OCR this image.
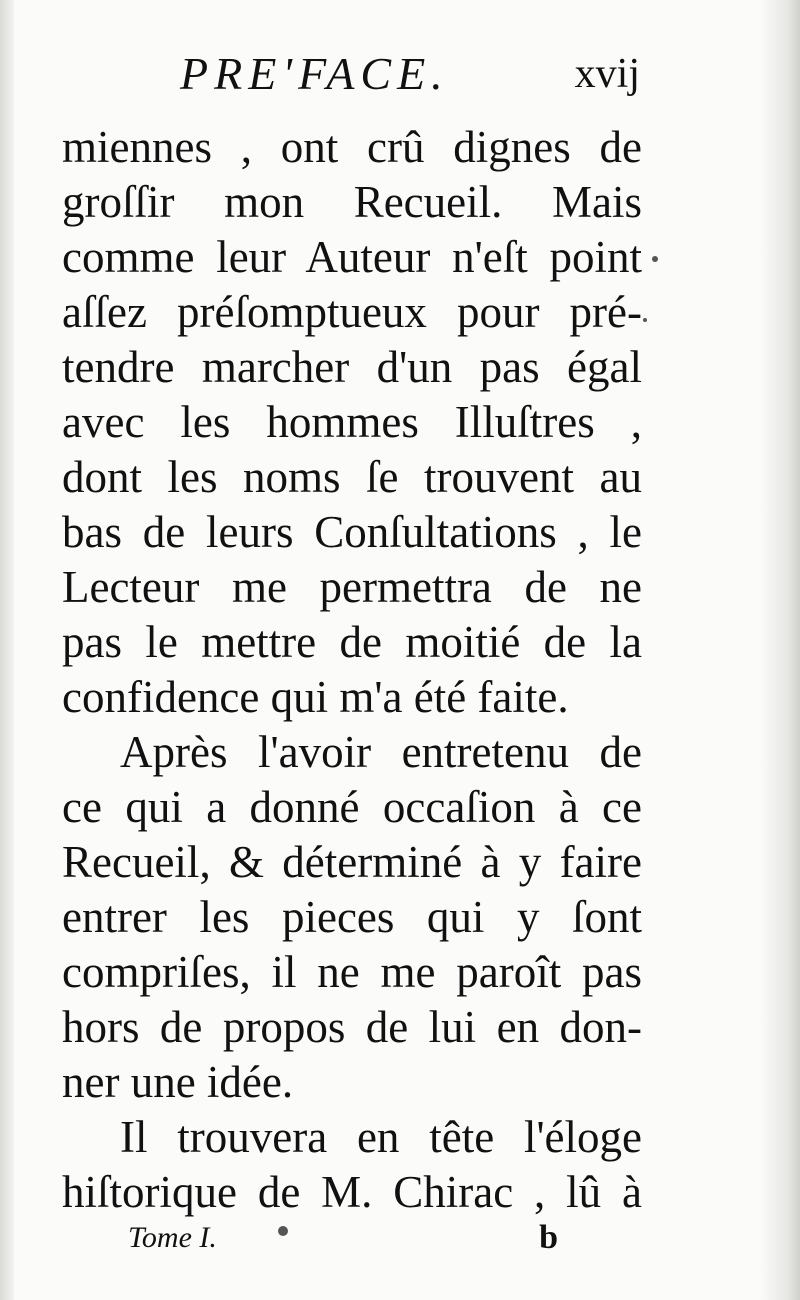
PRE'FACE.	xvij
miennes , ont crû dignes de
groſſir mon Recueil. Mais
comme leur Auteur n'eſt point
aſſez préſomptueux pour pré-
tendre marcher d'un pas égal
avec les hommes Illuſtres ,
dont les noms ſe trouvent au
bas de leurs Conſultations , le
Lecteur me permettra de ne
pas le mettre de moitié de la
confidence qui m'a été faite.
Après l'avoir entretenu de
ce qui a donné occaſion à ce
Recueil, & déterminé à y faire
entrer les pieces qui y ſont
compriſes, il ne me paroît pas
hors de propos de lui en don-
ner une idée.
Il trouvera en tête l'éloge
hiſtorique de M. Chirac , lû à
Tome I.	b
